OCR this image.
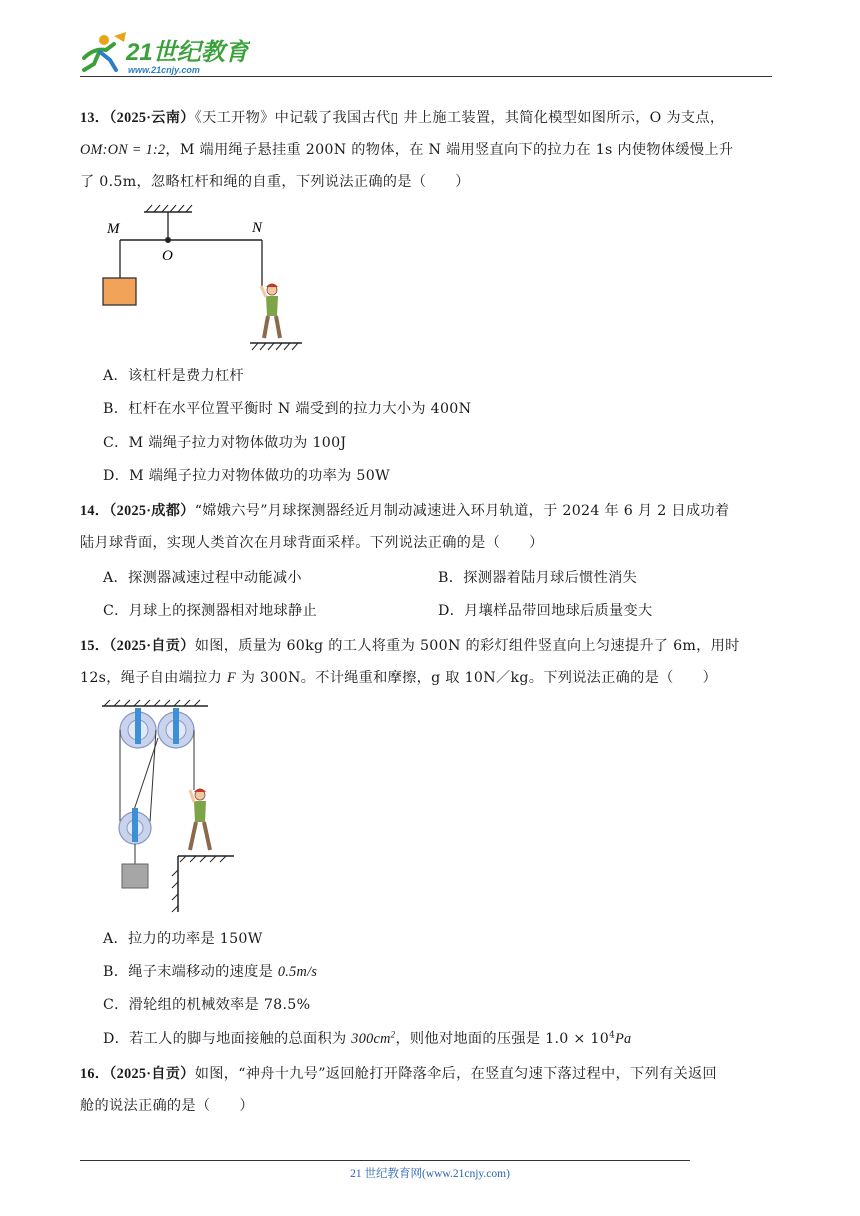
21世纪教育
www.21cnjy.com
13．（2025·云南）《天工开物》中记载了我国古代▯ 井上施工装置，其简化模型如图所示，O 为支点，
OM:ON = 1:2，M 端用绳子悬挂重 200N 的物体，在 N 端用竖直向下的拉力在 1s 内使物体缓慢上升
了 0.5m，忽略杠杆和绳的自重，下列说法正确的是（　　）
M
O
N
A．该杠杆是费力杠杆
B．杠杆在水平位置平衡时 N 端受到的拉力大小为 400N
C．M 端绳子拉力对物体做功为 100J
D．M 端绳子拉力对物体做功的功率为 50W
14．（2025·成都）“嫦娥六号”月球探测器经近月制动减速进入环月轨道，于 2024 年 6 月 2 日成功着
陆月球背面，实现人类首次在月球背面采样。下列说法正确的是（　　）
A．探测器减速过程中动能减小	B．探测器着陆月球后惯性消失
C．月球上的探测器相对地球静止	D．月壤样品带回地球后质量变大
15．（2025·自贡）如图，质量为 60kg 的工人将重为 500N 的彩灯组件竖直向上匀速提升了 6m，用时
12s，绳子自由端拉力 F 为 300N。不计绳重和摩擦，g 取 10N／kg。下列说法正确的是（　　）
A．拉力的功率是 150W
B．绳子末端移动的速度是 0.5m/s
C．滑轮组的机械效率是 78.5%
D．若工人的脚与地面接触的总面积为 $300cm^2$，则他对地面的压强是 $1.0 \times 10^4Pa$
16．（2025·自贡）如图，“神舟十九号”返回舱打开降落伞后，在竖直匀速下落过程中，下列有关返回
舱的说法正确的是（　　）
21 世纪教育网(www.21cnjy.com)
